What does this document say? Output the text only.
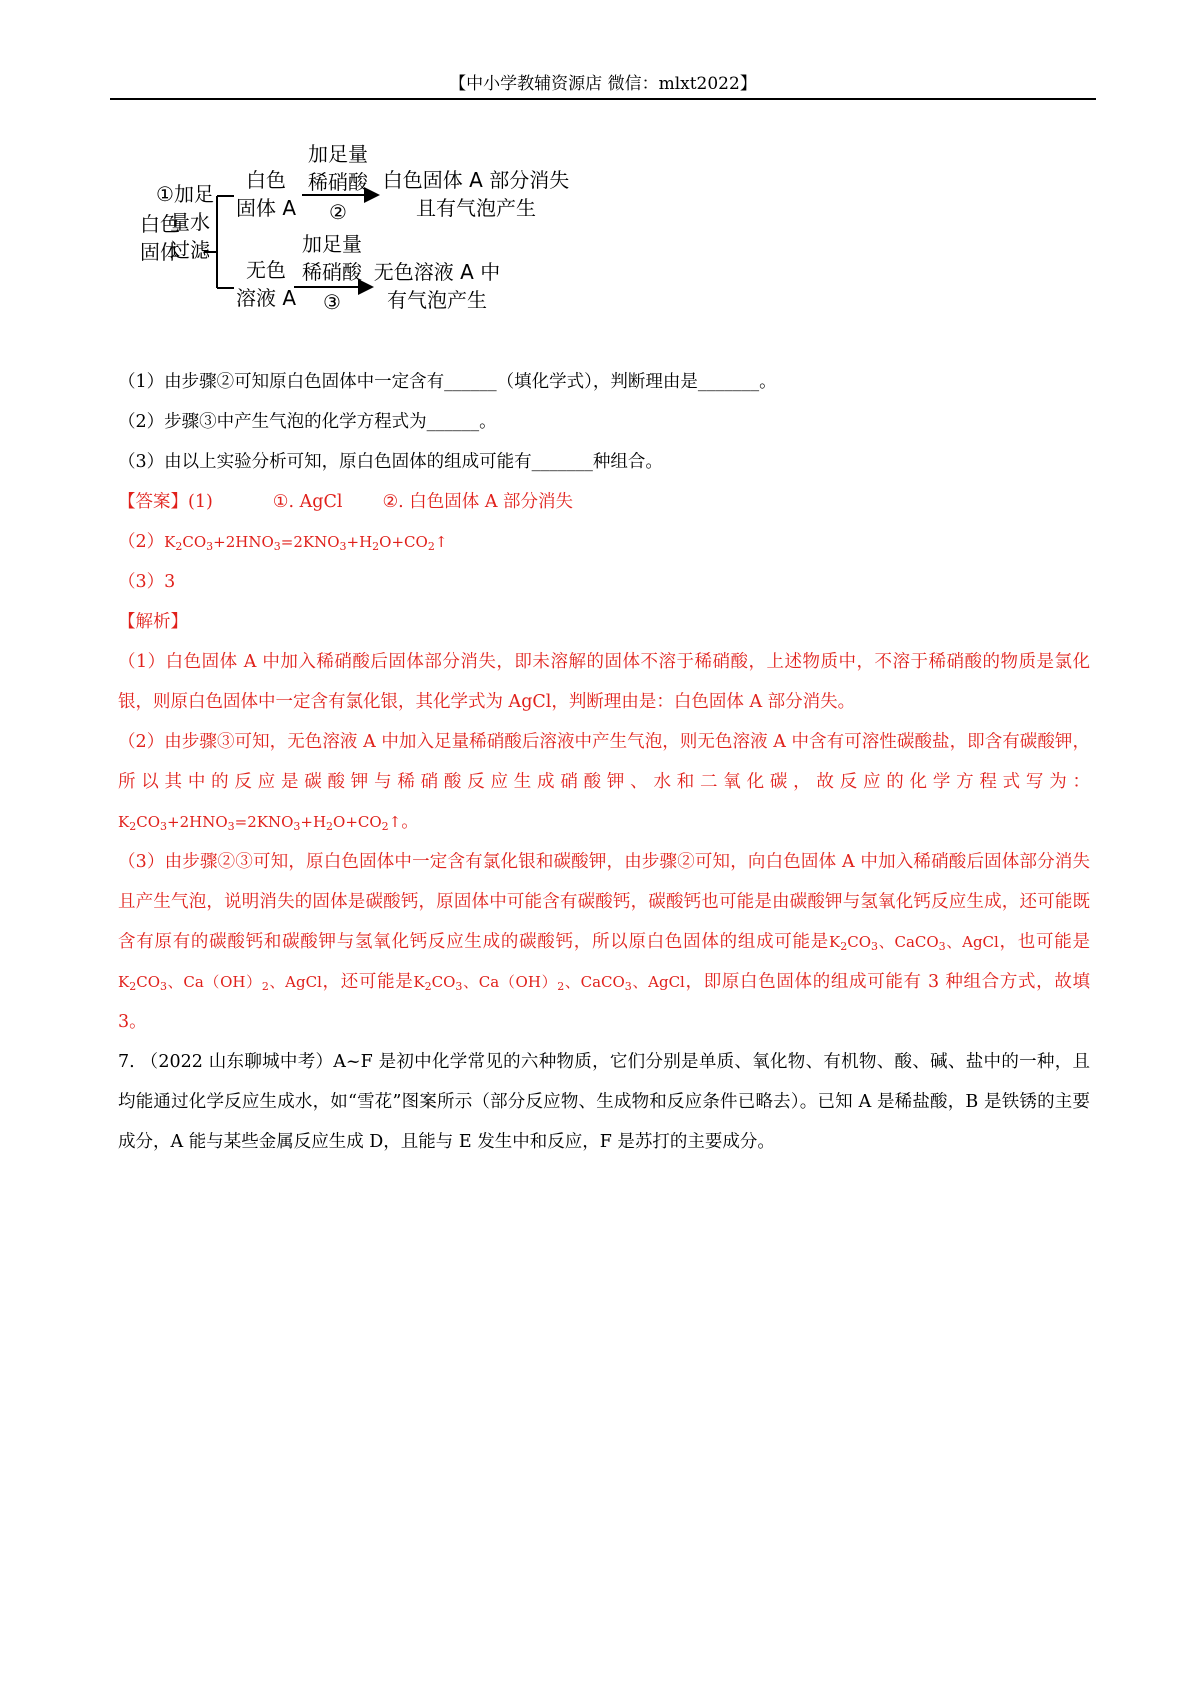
【中小学教辅资源店 微信：mlxt2022】
白色
固体
①加足
量水
过滤
白色
固体 A
加足量
稀硝酸
②
白色固体 A 部分消失
且有气泡产生
无色
溶液 A
加足量
稀硝酸
③
无色溶液 A 中
有气泡产生

（1）由步骤②可知原白色固体中一定含有______（填化学式），判断理由是_______。

（2）步骤③中产生气泡的化学方程式为______。

（3）由以上实验分析可知，原白色固体的组成可能有_______种组合。

【答案】(1)	①. AgCl ②. 白色固体 A 部分消失

$(2)K_2CO_3+2HNO_3=2KNO_3+H_2O+CO_2↑$

（3）3

【解析】

（1）白色固体 A 中加入稀硝酸后固体部分消失，即未溶解的固体不溶于稀硝酸，上述物质中，不溶于稀硝酸的物质是氯化银，则原白色固体中一定含有氯化银，其化学式为 AgCl，判断理由是：白色固体 A 部分消失。

（2）由步骤③可知，无色溶液 A 中加入足量稀硝酸后溶液中产生气泡，则无色溶液 A 中含有可溶性碳酸盐，即含有碳酸钾，所以其中的反应是碳酸钾与稀硝酸反应生成硝酸钾、水和二氧化碳，故反应的化学方程式写为：$K_2CO_3+2HNO_3=2KNO_3+H_2O+CO_2↑$。

（3）由步骤②③可知，原白色固体中一定含有氯化银和碳酸钾，由步骤②可知，向白色固体 A 中加入稀硝酸后固体部分消失且产生气泡，说明消失的固体是碳酸钙，原固体中可能含有碳酸钙，碳酸钙也可能是由碳酸钾与氢氧化钙反应生成，还可能既含有原有的碳酸钙和碳酸钾与氢氧化钙反应生成的碳酸钙，所以原白色固体的组成可能是$K_2CO_3$、CaCO$_3$、AgCl，也可能是$K_2CO_3$、$Ca(OH)_2$、AgCl，还可能是$K_2CO_3$、$Ca(OH)_2$、CaCO$_3$、AgCl，即原白色固体的组成可能有 3 种组合方式，故填 3。

7. （2022 山东聊城中考）A~F 是初中化学常见的六种物质，它们分别是单质、氧化物、有机物、酸、碱、盐中的一种，且均能通过化学反应生成水，如“雪花”图案所示（部分反应物、生成物和反应条件已略去）。已知 A 是稀盐酸，B 是铁锈的主要成分，A 能与某些金属反应生成 D，且能与 E 发生中和反应，F 是苏打的主要成分。
